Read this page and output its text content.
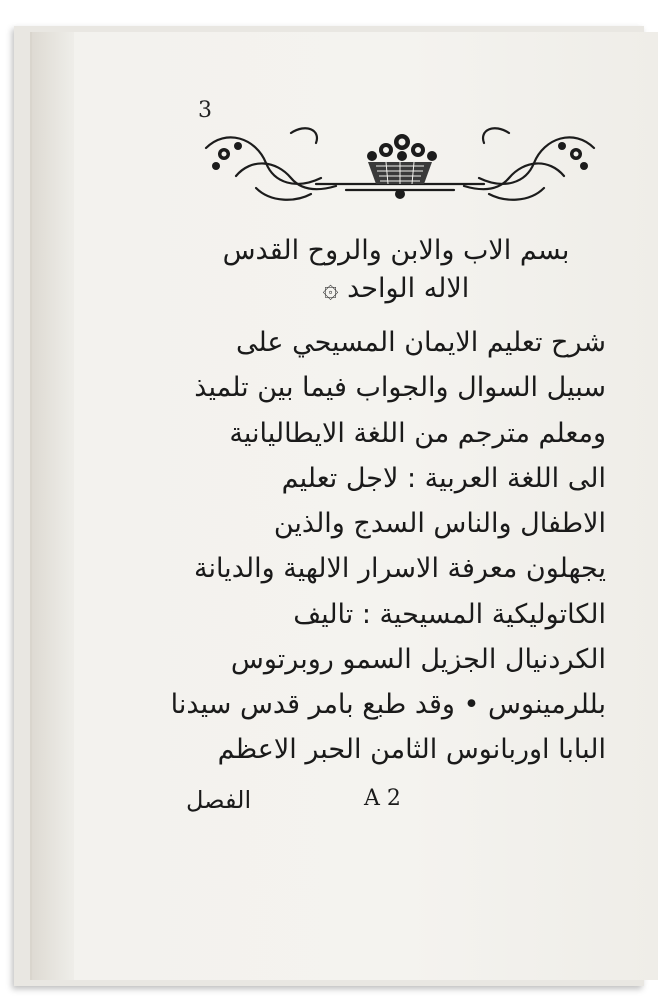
3
بسم الاب والابن والروح القدس
الاله الواحد ۞
شرح تعليم الايمان المسيحي على
سبيل السوال والجواب فيما بين تلميذ
ومعلم مترجم من اللغة الايطاليانية
الى اللغة العربية : لاجل تعليم
الاطفال والناس السدج والذين
يجهلون معرفة الاسرار الالهية والديانة
الكاتوليكية المسيحية : تاليف
الكردنيال الجزيل السمو روبرتوس
بللرمينوس • وقد طبع بامر قدس سيدنا
البابا اوربانوس الثامن الحبر الاعظم
الفصل	A 2
